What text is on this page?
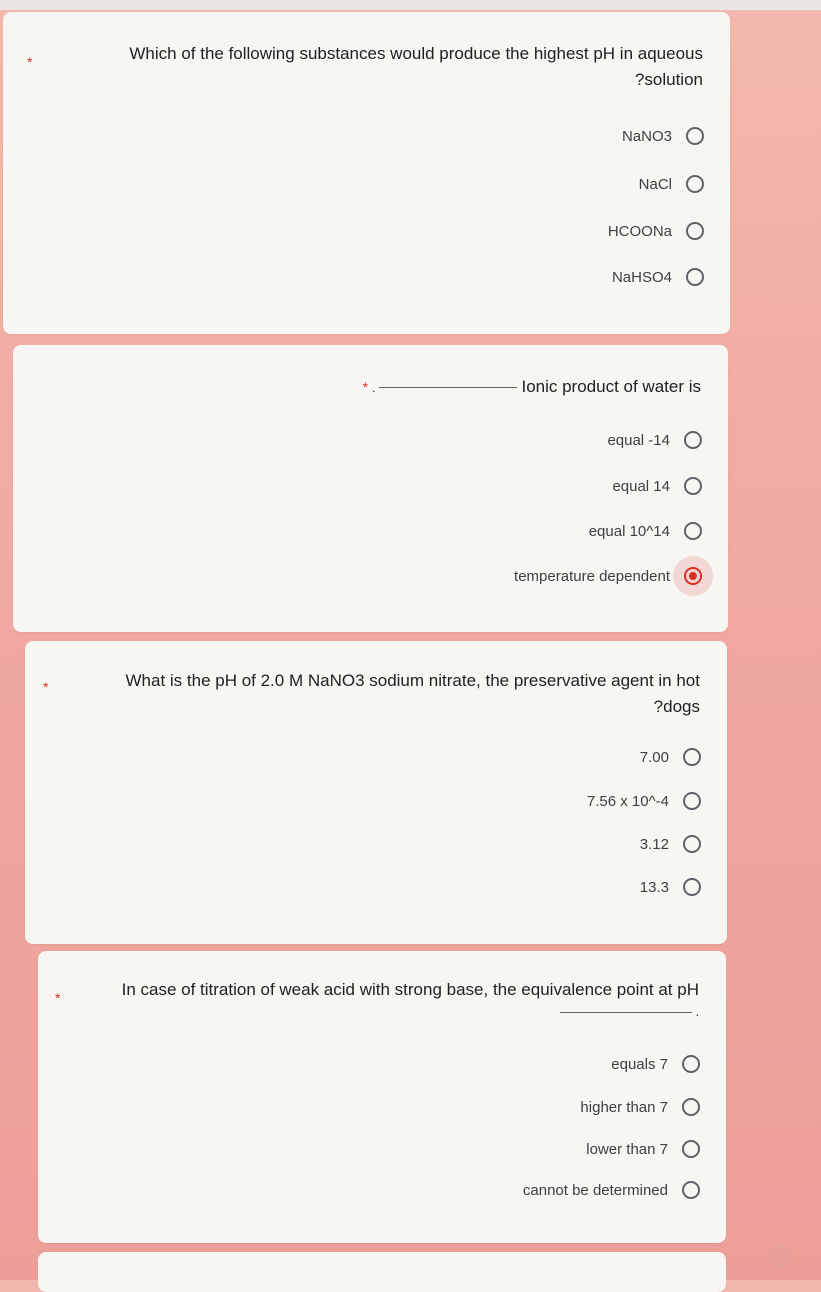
*	Which of the following substances would produce the highest pH in aqueous
?solution
NaNO3
NaCl
HCOONa
NaHSO4
* .	Ionic product of water is
equal -14
equal 14
equal 10^14
temperature dependent
*	What is the pH of 2.0 M NaNO3 sodium nitrate, the preservative agent in hot
?dogs
7.00
7.56 x 10^-4
3.12
13.3
*	In case of titration of weak acid with strong base, the equivalence point at pH
.
equals 7
higher than 7
lower than 7
cannot be determined
?
